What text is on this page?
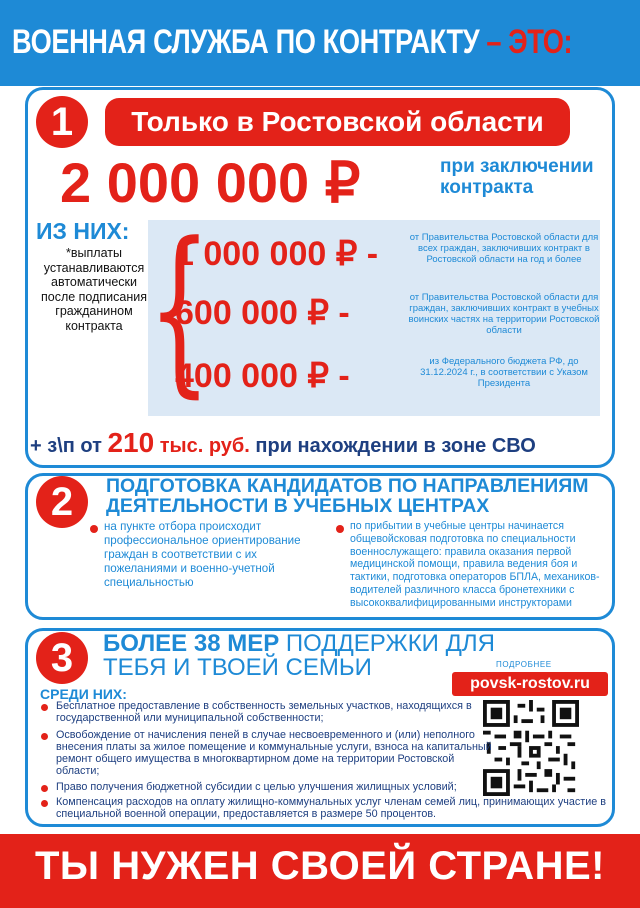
ВОЕННАЯ СЛУЖБА ПО КОНТРАКТУ – ЭТО:
1	Только в Ростовской области
2 000 000 ₽	при заключении контракта
ИЗ НИХ:
*выплаты устанавливаются автоматически после подписания гражданином контракта {
1 000 000 ₽ -	от Правительства Ростовской области для всех граждан, заключивших контракт в Ростовской области на год и более
600 000 ₽ -	от Правительства Ростовской области для граждан, заключивших контракт в учебных воинских частях на территории Ростовской области
400 000 ₽ -	из Федерального бюджета РФ, до 31.12.2024 г., в соответствии с Указом Президента
+ з\п от 210 тыс. руб. при нахождении в зоне СВО
2	ПОДГОТОВКА КАНДИДАТОВ ПО НАПРАВЛЕНИЯМ ДЕЯТЕЛЬНОСТИ В УЧЕБНЫХ ЦЕНТРАХ
на пункте отбора происходит профессиональное ориентирование граждан в соответствии с их пожеланиями и военно-учетной специальностью
по прибытии в учебные центры начинается общевойсковая подготовка по специальности военнослужащего: правила оказания первой медицинской помощи, правила ведения боя и тактики, подготовка операторов БПЛА, механиков-водителей различного класса бронетехники с высококвалифицированными инструкторами
3	БОЛЕЕ 38 МЕР ПОДДЕРЖКИ ДЛЯ ТЕБЯ И ТВОЕЙ СЕМЬИ
СРЕДИ НИХ:
ПОДРОБНЕЕ
povsk-rostov.ru
Бесплатное предоставление в собственность земельных участков, находящихся в государственной или муниципальной собственности;
Освобождение от начисления пеней в случае несвоевременного и (или) неполного внесения платы за жилое помещение и коммунальные услуги, взноса на капитальный ремонт общего имущества в многоквартирном доме на территории Ростовской области;
Право получения бюджетной субсидии с целью улучшения жилищных условий;
Компенсация расходов на оплату жилищно-коммунальных услуг членам семей лиц, принимающих участие в специальной военной операции, предоставляется в размере 50 процентов.
ТЫ НУЖЕН СВОЕЙ СТРАНЕ!
